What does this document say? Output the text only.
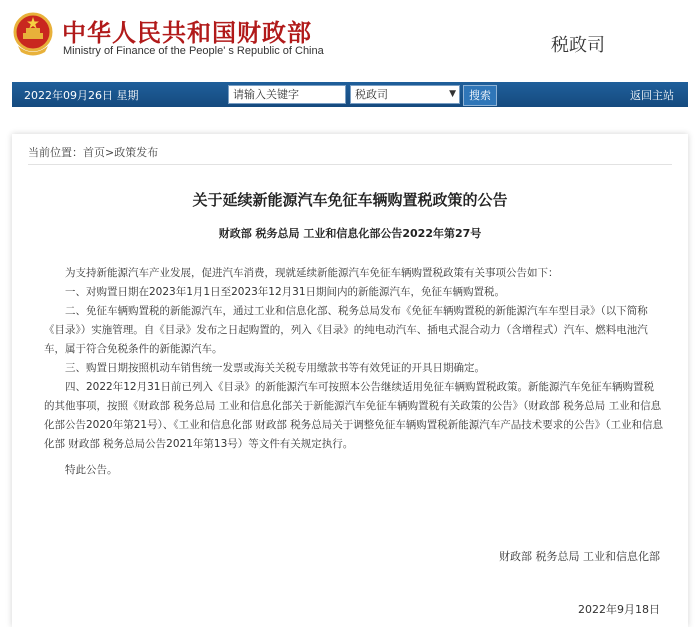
中华人民共和国财政部
Ministry of Finance of the People' s Republic of China	税政司
2022年09月26日 星期	请输入关键字	税政司	▼	搜索	返回主站
当前位置：首页>政策发布
关于延续新能源汽车免征车辆购置税政策的公告
财政部 税务总局 工业和信息化部公告2022年第27号

为支持新能源汽车产业发展，促进汽车消费，现就延续新能源汽车免征车辆购置税政策有关事项公告如下：

一、对购置日期在2023年1月1日至2023年12月31日期间内的新能源汽车，免征车辆购置税。

二、免征车辆购置税的新能源汽车，通过工业和信息化部、税务总局发布《免征车辆购置税的新能源汽车车型目录》（以下简称《目录》）实施管理。自《目录》发布之日起购置的，列入《目录》的纯电动汽车、插电式混合动力（含增程式）汽车、燃料电池汽车，属于符合免税条件的新能源汽车。

三、购置日期按照机动车销售统一发票或海关关税专用缴款书等有效凭证的开具日期确定。

四、2022年12月31日前已列入《目录》的新能源汽车可按照本公告继续适用免征车辆购置税政策。新能源汽车免征车辆购置税的其他事项，按照《财政部 税务总局 工业和信息化部关于新能源汽车免征车辆购置税有关政策的公告》（财政部 税务总局 工业和信息化部公告2020年第21号）、《工业和信息化部 财政部 税务总局关于调整免征车辆购置税新能源汽车产品技术要求的公告》（工业和信息化部 财政部 税务总局公告2021年第13号）等文件有关规定执行。

特此公告。

财政部 税务总局 工业和信息化部
2022年9月18日
